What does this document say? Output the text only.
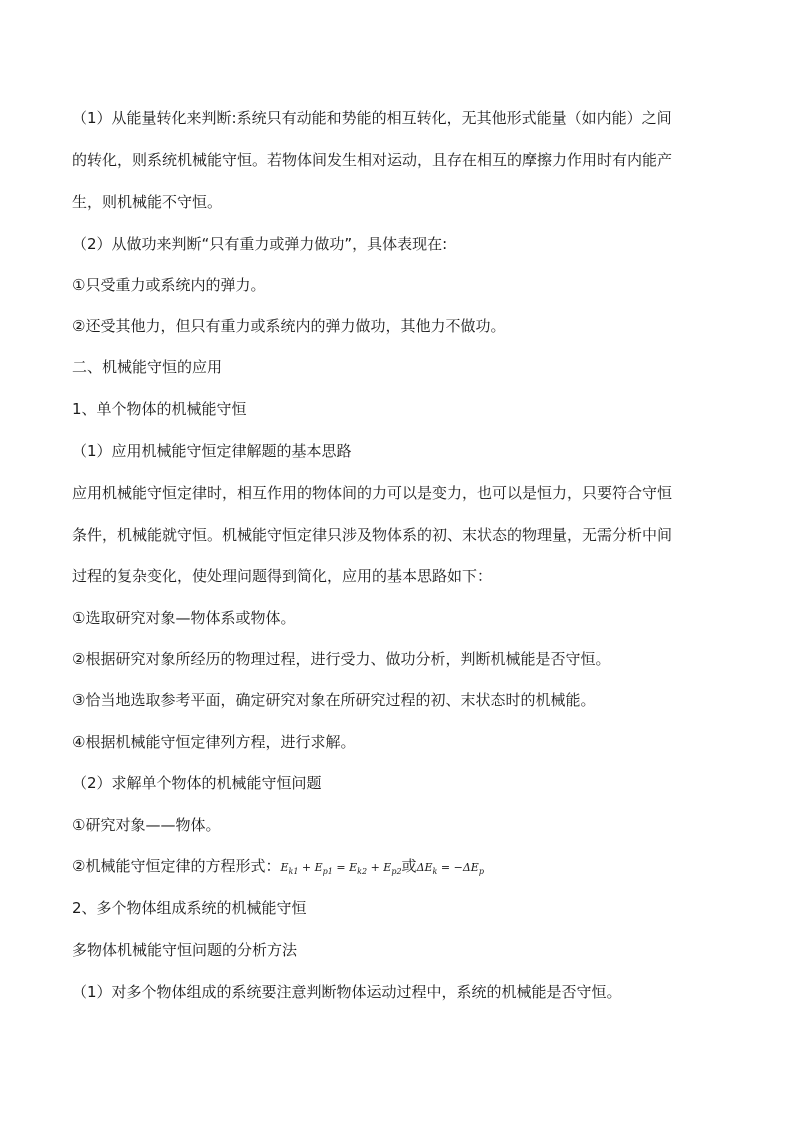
（1）从能量转化来判断:系统只有动能和势能的相互转化，无其他形式能量（如内能）之间
的转化，则系统机械能守恒。若物体间发生相对运动，且存在相互的摩擦力作用时有内能产
生，则机械能不守恒。
（2）从做功来判断“只有重力或弹力做功”，具体表现在:
①只受重力或系统内的弹力。
②还受其他力，但只有重力或系统内的弹力做功，其他力不做功。
二、机械能守恒的应用
1、单个物体的机械能守恒
（1）应用机械能守恒定律解题的基本思路
应用机械能守恒定律时，相互作用的物体间的力可以是变力，也可以是恒力，只要符合守恒
条件，机械能就守恒。机械能守恒定律只涉及物体系的初、末状态的物理量，无需分析中间
过程的复杂变化，使处理问题得到简化，应用的基本思路如下：
①选取研究对象—物体系或物体。
②根据研究对象所经历的物理过程，进行受力、做功分析，判断机械能是否守恒。
③恰当地选取参考平面，确定研究对象在所研究过程的初、末状态时的机械能。
④根据机械能守恒定律列方程，进行求解。
（2）求解单个物体的机械能守恒问题
①研究对象——物体。
②机械能守恒定律的方程形式：$E_{k1} + E_{p1} = E_{k2} + E_{p2}$或$\Delta E_k = -\Delta E_p$
2、多个物体组成系统的机械能守恒
多物体机械能守恒问题的分析方法
（1）对多个物体组成的系统要注意判断物体运动过程中，系统的机械能是否守恒。
